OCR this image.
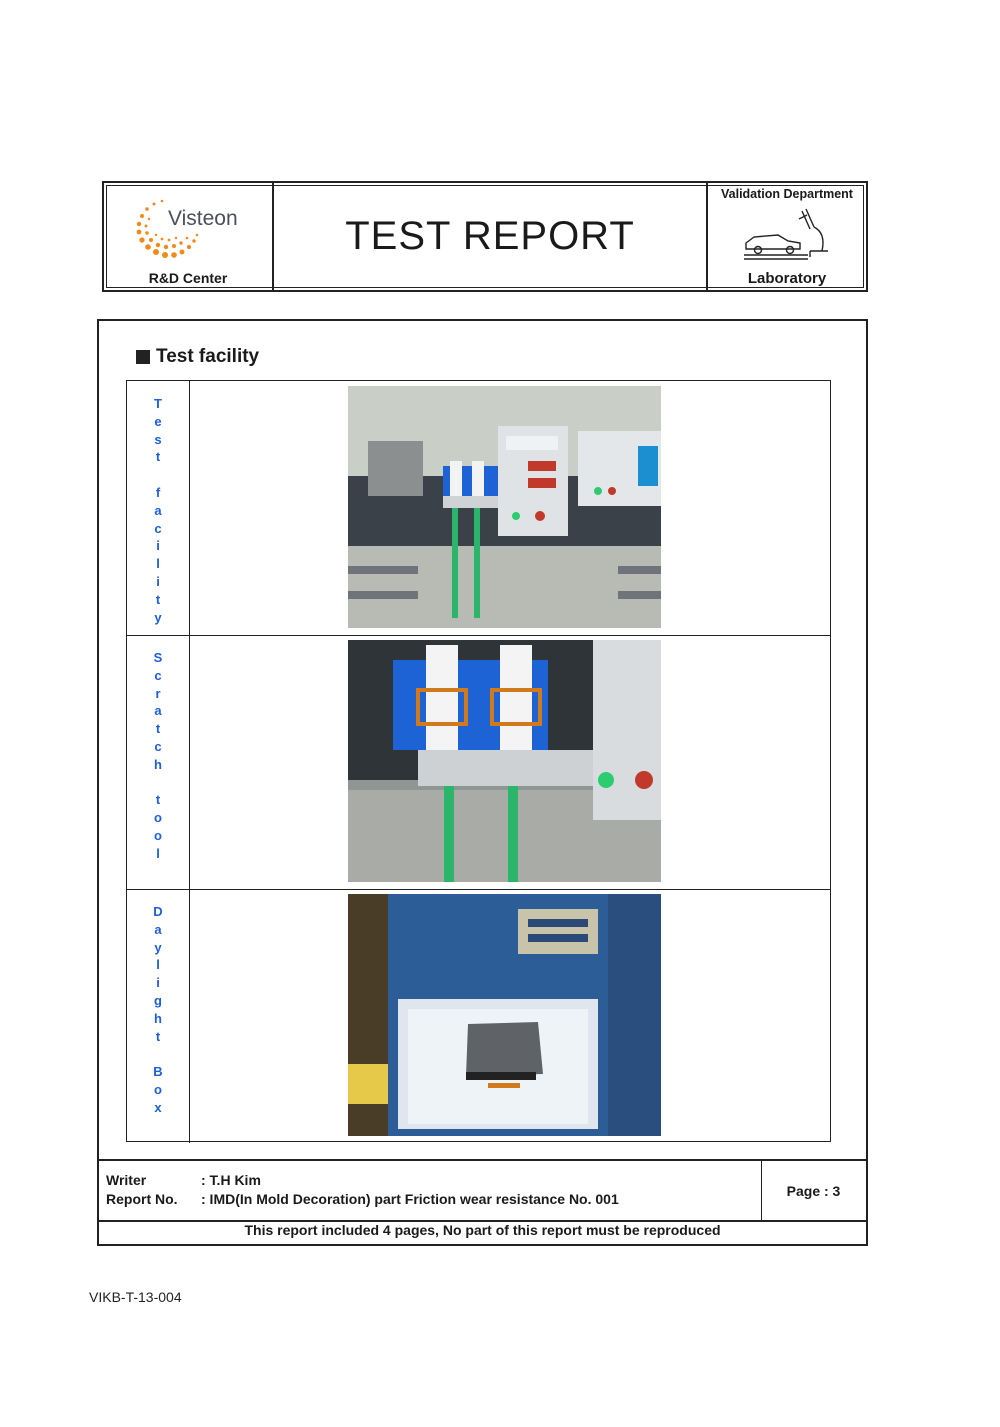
Visteon
R&D Center
TEST REPORT
Validation Department
Laboratory
Test facility
T
e
s
t

f
a
c
i
l
i
t
y
S
c
r
a
t
c
h

t
o
o
l
D
a
y
l
i
g
h
t

B
o
x
Writer	: T.H Kim
Report No.	: IMD(In Mold Decoration) part Friction wear resistance No. 001
Page : 3
This report included 4 pages, No part of this report must be reproduced
VIKB-T-13-004
